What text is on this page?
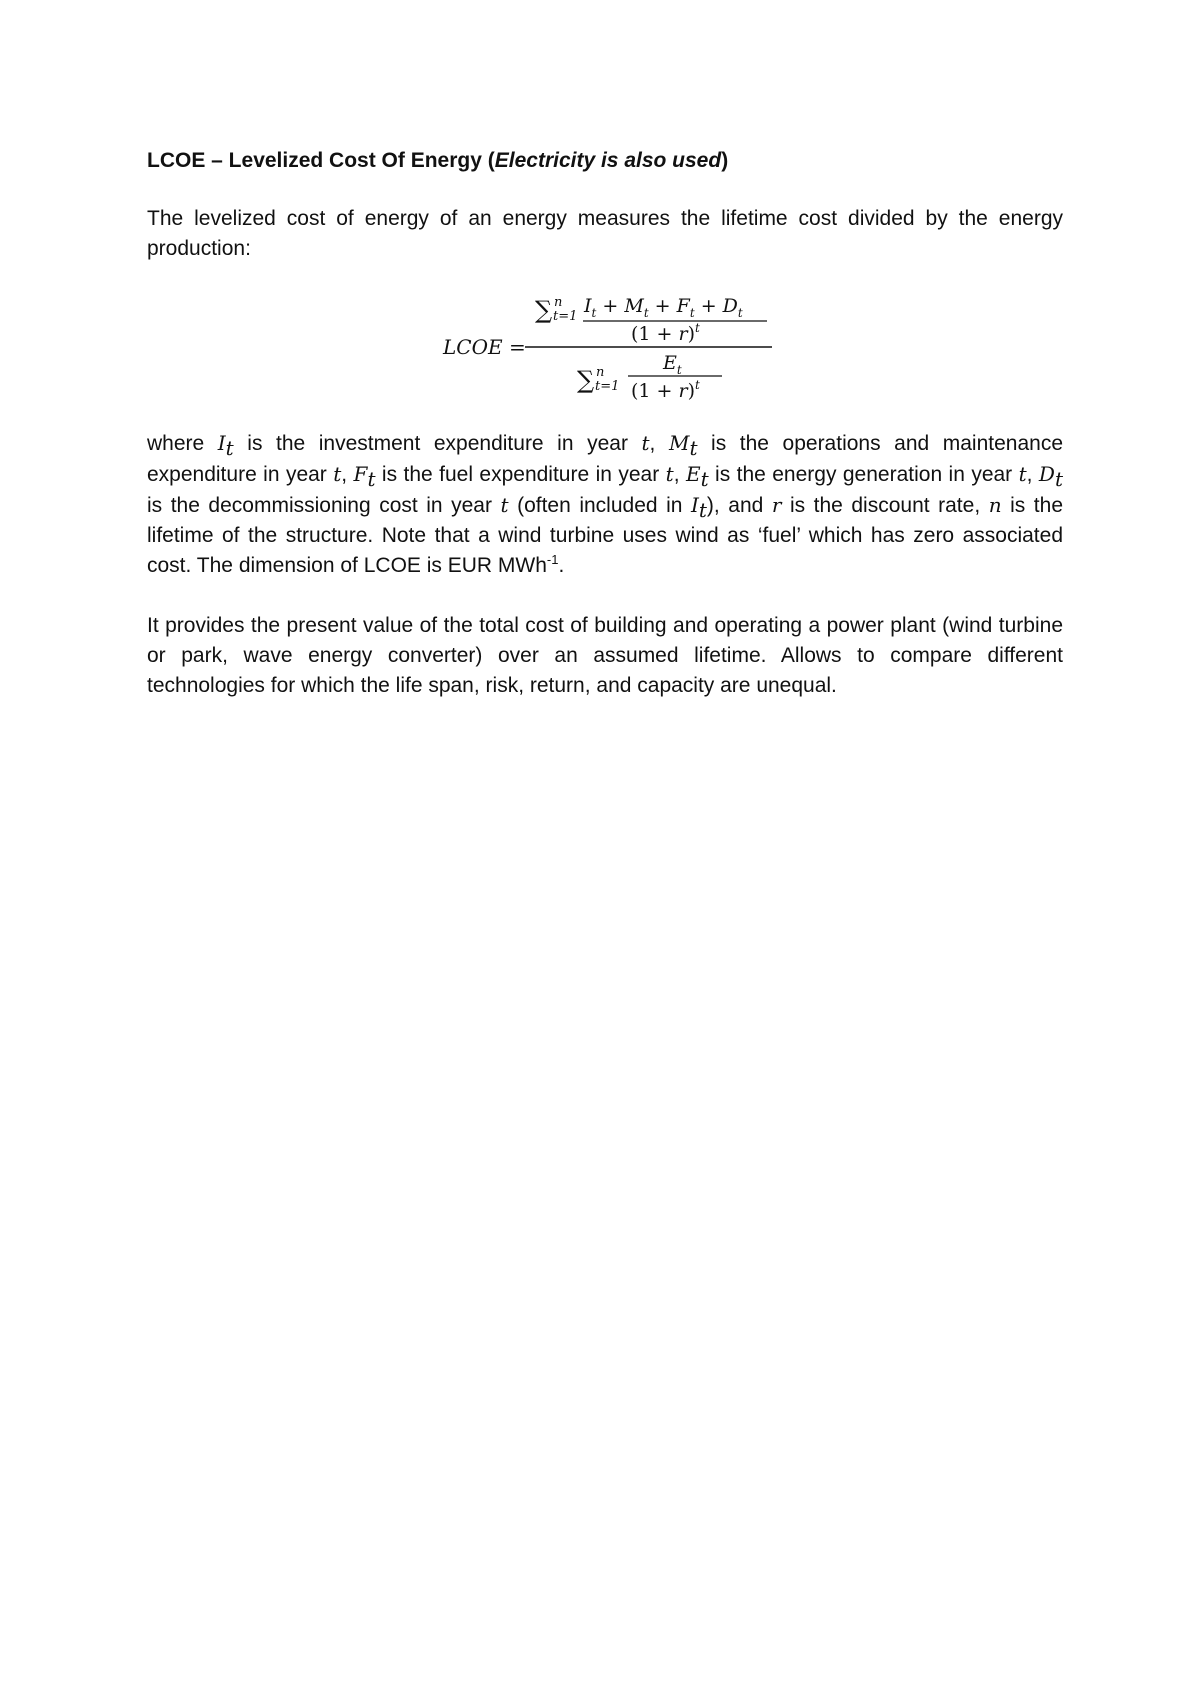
LCOE – Levelized Cost Of Energy (Electricity is also used)

The levelized cost of energy of an energy measures the lifetime cost divided by the energy production:

LCOE =
∑ n
t=1 $I_t + M_t + F_t + D_t$
$(1 + r)^t$
∑ n
t=1
$E_t$
$(1 + r)^t$

where $I_t$ is the investment expenditure in year t, $M_t$ is the operations and maintenance expenditure in year t, $F_t$ is the fuel expenditure in year t, $E_t$ is the energy generation in year t, $D_t$ is the decommissioning cost in year t (often included in $I_t$), and r is the discount rate, n is the lifetime of the structure. Note that a wind turbine uses wind as ‘fuel’ which has zero associated cost. The dimension of LCOE is EUR MWh$^{-1}$.

It provides the present value of the total cost of building and operating a power plant (wind turbine or park, wave energy converter) over an assumed lifetime. Allows to compare different technologies for which the life span, risk, return, and capacity are unequal.
